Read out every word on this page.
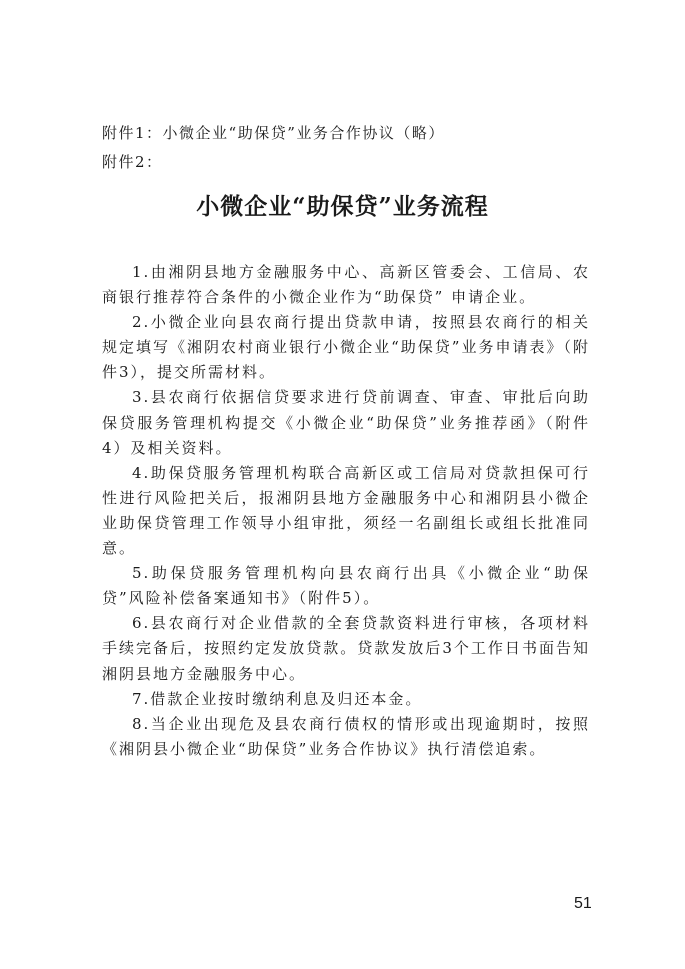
附件1：小微企业“助保贷”业务合作协议（略）
附件2：
小微企业“助保贷”业务流程

1.由湘阴县地方金融服务中心、高新区管委会、工信局、农商银行推荐符合条件的小微企业作为“助保贷” 申请企业。

2.小微企业向县农商行提出贷款申请，按照县农商行的相关规定填写《湘阴农村商业银行小微企业“助保贷”业务申请表》（附件3），提交所需材料。

3.县农商行依据信贷要求进行贷前调查、审查、审批后向助保贷服务管理机构提交《小微企业“助保贷”业务推荐函》（附件4）及相关资料。

4.助保贷服务管理机构联合高新区或工信局对贷款担保可行性进行风险把关后，报湘阴县地方金融服务中心和湘阴县小微企业助保贷管理工作领导小组审批，须经一名副组长或组长批准同意。

5.助保贷服务管理机构向县农商行出具《小微企业“助保贷”风险补偿备案通知书》（附件5）。

6.县农商行对企业借款的全套贷款资料进行审核，各项材料手续完备后，按照约定发放贷款。贷款发放后3个工作日书面告知湘阴县地方金融服务中心。

7.借款企业按时缴纳利息及归还本金。

8.当企业出现危及县农商行债权的情形或出现逾期时，按照《湘阴县小微企业“助保贷”业务合作协议》执行清偿追索。

51
